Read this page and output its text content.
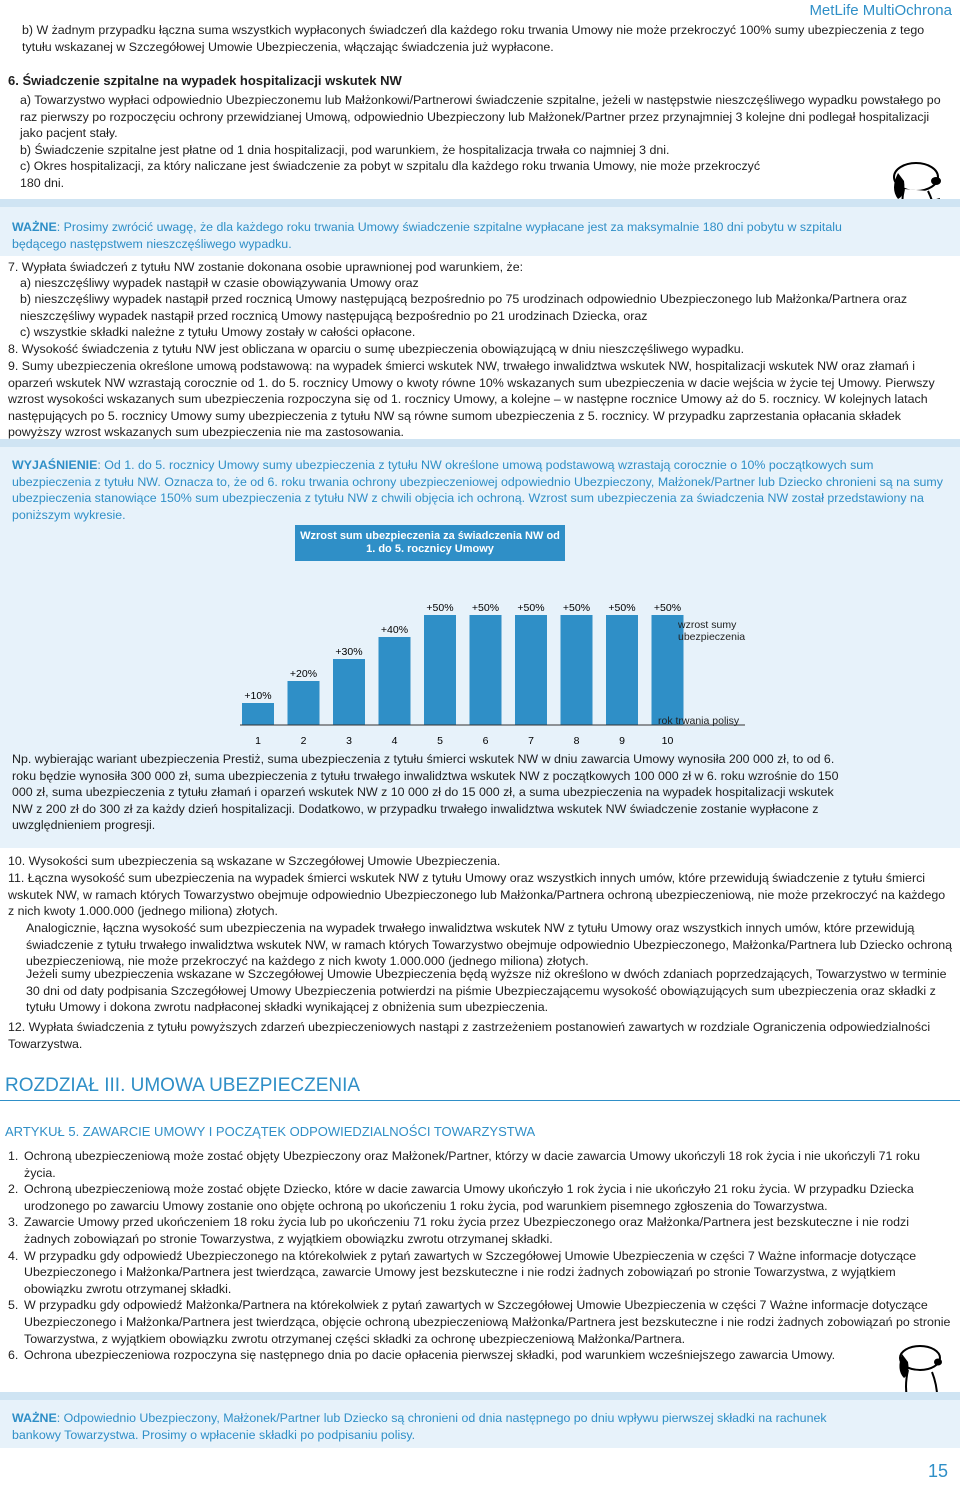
MetLife MultiOchrona
b) W żadnym przypadku łączna suma wszystkich wypłaconych świadczeń dla każdego roku trwania Umowy nie może przekroczyć 100% sumy ubezpieczenia z tego tytułu wskazanej w Szczegółowej Umowie Ubezpieczenia, włączając świadczenia już wypłacone.
6. Świadczenie szpitalne na wypadek hospitalizacji wskutek NW
a) Towarzystwo wypłaci odpowiednio Ubezpieczonemu lub Małżonkowi/Partnerowi świadczenie szpitalne, jeżeli w następstwie nieszczęśliwego wypadku powstałego po raz pierwszy po rozpoczęciu ochrony przewidzianej Umową, odpowiednio Ubezpieczony lub Małżonek/Partner przez przynajmniej 3 kolejne dni podlegał hospitalizacji jako pacjent stały.
b) Świadczenie szpitalne jest płatne od 1 dnia hospitalizacji, pod warunkiem, że hospitalizacja trwała co najmniej 3 dni.
c) Okres hospitalizacji, za który naliczane jest świadczenie za pobyt w szpitalu dla każdego roku trwania Umowy, nie może przekroczyć 180 dni.
WAŻNE: Prosimy zwrócić uwagę, że dla każdego roku trwania Umowy świadczenie szpitalne wypłacane jest za maksymalnie 180 dni pobytu w szpitalu będącego następstwem nieszczęśliwego wypadku.
7. Wypłata świadczeń z tytułu NW zostanie dokonana osobie uprawnionej pod warunkiem, że:
a) nieszczęśliwy wypadek nastąpił w czasie obowiązywania Umowy oraz
b) nieszczęśliwy wypadek nastąpił przed rocznicą Umowy następującą bezpośrednio po 75 urodzinach odpowiednio Ubezpieczonego lub Małżonka/Partnera oraz nieszczęśliwy wypadek nastąpił przed rocznicą Umowy następującą bezpośrednio po 21 urodzinach Dziecka, oraz
c) wszystkie składki należne z tytułu Umowy zostały w całości opłacone.
8. Wysokość świadczenia z tytułu NW jest obliczana w oparciu o sumę ubezpieczenia obowiązującą w dniu nieszczęśliwego wypadku.
9. Sumy ubezpieczenia określone umową podstawową: na wypadek śmierci wskutek NW, trwałego inwalidztwa wskutek NW, hospitalizacji wskutek NW oraz złamań i oparzeń wskutek NW wzrastają corocznie od 1. do 5. rocznicy Umowy o kwoty równe 10% wskazanych sum ubezpieczenia w dacie wejścia w życie tej Umowy. Pierwszy wzrost wysokości wskazanych sum ubezpieczenia rozpoczyna się od 1. rocznicy Umowy, a kolejne – w następne rocznice Umowy aż do 5. rocznicy. W kolejnych latach następujących po 5. rocznicy Umowy sumy ubezpieczenia z tytułu NW są równe sumom ubezpieczenia z 5. rocznicy. W przypadku zaprzestania opłacania składek powyższy wzrost wskazanych sum ubezpieczenia nie ma zastosowania.
WYJAŚNIENIE: Od 1. do 5. rocznicy Umowy sumy ubezpieczenia z tytułu NW określone umową podstawową wzrastają corocznie o 10% początkowych sum ubezpieczenia z tytułu NW. Oznacza to, że od 6. roku trwania ochrony ubezpieczeniowej odpowiednio Ubezpieczony, Małżonek/Partner lub Dziecko chronieni są na sumy ubezpieczenia stanowiące 150% sum ubezpieczenia z tytułu NW z chwili objęcia ich ochroną. Wzrost sum ubezpieczenia za świadczenia NW został przedstawiony na poniższym wykresie.
Np. wybierając wariant ubezpieczenia Prestiż, suma ubezpieczenia z tytułu śmierci wskutek NW w dniu zawarcia Umowy wynosiła 200 000 zł, to od 6. roku będzie wynosiła 300 000 zł, suma ubezpieczenia z tytułu trwałego inwalidztwa wskutek NW z początkowych 100 000 zł w 6. roku wzrośnie do 150 000 zł, suma ubezpieczenia z tytułu złamań i oparzeń wskutek NW z 10 000 zł do 15 000 zł, a suma ubezpieczenia na wypadek hospitalizacji wskutek NW z 200 zł do 300 zł za każdy dzień hospitalizacji. Dodatkowo, w przypadku trwałego inwalidztwa wskutek NW świadczenie zostanie wypłacone z uwzględnieniem progresji.
+10%
+20%
+30%
+40%
+50% +50% +50% +50% +50% +50%
1	2	3	4	5	6	7	8	9	10
Wzrost sum ubezpieczenia za świadczenia NW od 1. do 5. rocznicy Umowy
wzrost sumy ubezpieczenia
rok trwania polisy
10. Wysokości sum ubezpieczenia są wskazane w Szczegółowej Umowie Ubezpieczenia.
11. Łączna wysokość sum ubezpieczenia na wypadek śmierci wskutek NW z tytułu Umowy oraz wszystkich innych umów, które przewidują świadczenie z tytułu śmierci wskutek NW, w ramach których Towarzystwo obejmuje odpowiednio Ubezpieczonego lub Małżonka/Partnera ochroną ubezpieczeniową, nie może przekroczyć na każdego z nich kwoty 1.000.000 (jednego miliona) złotych.
Analogicznie, łączna wysokość sum ubezpieczenia na wypadek trwałego inwalidztwa wskutek NW z tytułu Umowy oraz wszystkich innych umów, które przewidują świadczenie z tytułu trwałego inwalidztwa wskutek NW, w ramach których Towarzystwo obejmuje odpowiednio Ubezpieczonego, Małżonka/Partnera lub Dziecko ochroną ubezpieczeniową, nie może przekroczyć na każdego z nich kwoty 1.000.000 (jednego miliona) złotych.
Jeżeli sumy ubezpieczenia wskazane w Szczegółowej Umowie Ubezpieczenia będą wyższe niż określono w dwóch zdaniach poprzedzających, Towarzystwo w terminie 30 dni od daty podpisania Szczegółowej Umowy Ubezpieczenia potwierdzi na piśmie Ubezpieczającemu wysokość obowiązujących sum ubezpieczenia oraz składki z tytułu Umowy i dokona zwrotu nadpłaconej składki wynikającej z obniżenia sum ubezpieczenia.
12. Wypłata świadczenia z tytułu powyższych zdarzeń ubezpieczeniowych nastąpi z zastrzeżeniem postanowień zawartych w rozdziale Ograniczenia odpowiedzialności Towarzystwa.
ROZDZIAŁ III. UMOWA UBEZPIECZENIA
ARTYKUŁ 5. ZAWARCIE UMOWY I POCZĄTEK ODPOWIEDZIALNOŚCI TOWARZYSTWA
1. Ochroną ubezpieczeniową może zostać objęty Ubezpieczony oraz Małżonek/Partner, którzy w dacie zawarcia Umowy ukończyli 18 rok życia i nie ukończyli 71 roku życia.
2. Ochroną ubezpieczeniową może zostać objęte Dziecko, które w dacie zawarcia Umowy ukończyło 1 rok życia i nie ukończyło 21 roku życia. W przypadku Dziecka urodzonego po zawarciu Umowy zostanie ono objęte ochroną po ukończeniu 1 roku życia, pod warunkiem pisemnego zgłoszenia do Towarzystwa.
3. Zawarcie Umowy przed ukończeniem 18 roku życia lub po ukończeniu 71 roku życia przez Ubezpieczonego oraz Małżonka/Partnera jest bezskuteczne i nie rodzi żadnych zobowiązań po stronie Towarzystwa, z wyjątkiem obowiązku zwrotu otrzymanej składki.
4. W przypadku gdy odpowiedź Ubezpieczonego na którekolwiek z pytań zawartych w Szczegółowej Umowie Ubezpieczenia w części 7 Ważne informacje dotyczące Ubezpieczonego i Małżonka/Partnera jest twierdząca, zawarcie Umowy jest bezskuteczne i nie rodzi żadnych zobowiązań po stronie Towarzystwa, z wyjątkiem obowiązku zwrotu otrzymanej składki.
5. W przypadku gdy odpowiedź Małżonka/Partnera na którekolwiek z pytań zawartych w Szczegółowej Umowie Ubezpieczenia w części 7 Ważne informacje dotyczące Ubezpieczonego i Małżonka/Partnera jest twierdząca, objęcie ochroną ubezpieczeniową Małżonka/Partnera jest bezskuteczne i nie rodzi żadnych zobowiązań po stronie Towarzystwa, z wyjątkiem obowiązku zwrotu otrzymanej części składki za ochronę ubezpieczeniową Małżonka/Partnera.
6. Ochrona ubezpieczeniowa rozpoczyna się następnego dnia po dacie opłacenia pierwszej składki, pod warunkiem wcześniejszego zawarcia Umowy.
WAŻNE: Odpowiednio Ubezpieczony, Małżonek/Partner lub Dziecko są chronieni od dnia następnego po dniu wpływu pierwszej składki na rachunek bankowy Towarzystwa. Prosimy o wpłacenie składki po podpisaniu polisy.
15
